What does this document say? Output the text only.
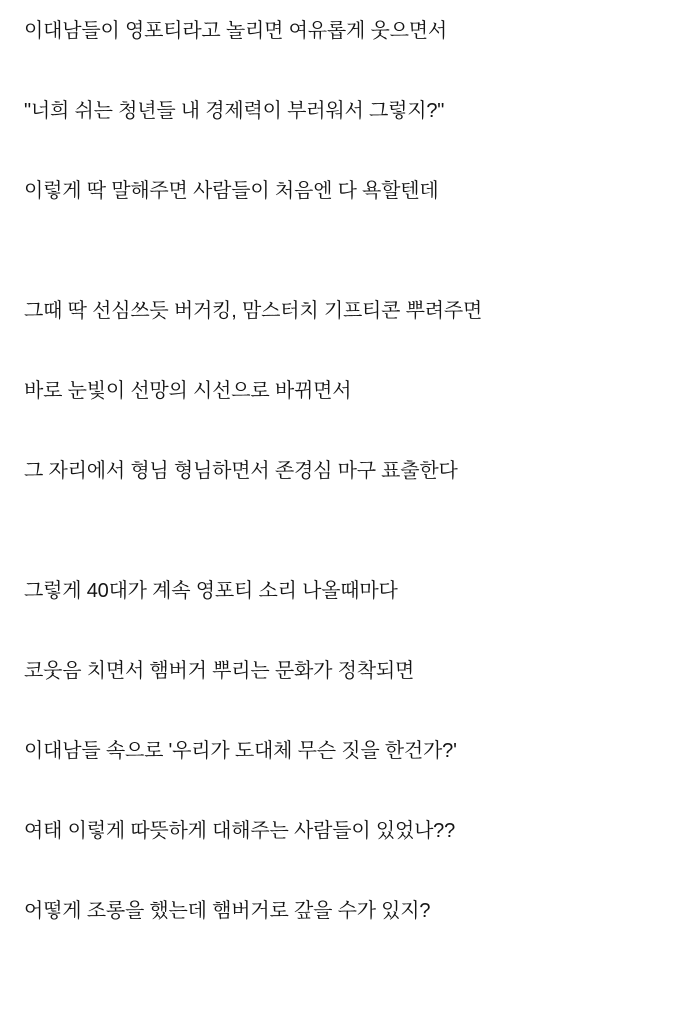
이대남들이 영포티라고 놀리면 여유롭게 웃으면서

"너희 쉬는 청년들 내 경제력이 부러워서 그렇지?"

이렇게 딱 말해주면 사람들이 처음엔 다 욕할텐데

그때 딱 선심쓰듯 버거킹, 맘스터치 기프티콘 뿌려주면

바로 눈빛이 선망의 시선으로 바뀌면서

그 자리에서 형님 형님하면서 존경심 마구 표출한다

그렇게 40대가 계속 영포티 소리 나올때마다

코웃음 치면서 햄버거 뿌리는 문화가 정착되면

이대남들 속으로 '우리가 도대체 무슨 짓을 한건가?'

여태 이렇게 따뜻하게 대해주는 사람들이 있었나??

어떻게 조롱을 했는데 햄버거로 갚을 수가 있지?
